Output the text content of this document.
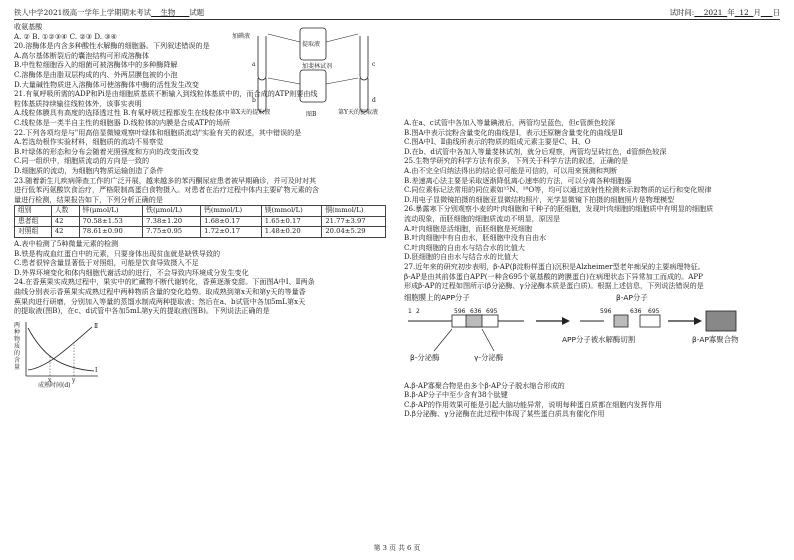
铁人中学2021级高一学年上学期期末考试 生物 试题	试时间: 2021 年 12 月 日

收氨基酸

A. ② B. ①②③④ C. ②③ D. ③④

20.溶酶体是内含多种酸性水解酶的细胞器。下列叙述错误的是

A.高尔基体断裂后的囊泡结构可形成溶酶体

B.中性粒细胞吞入的细菌可被溶酶体中的多种酶降解

C.溶酶体是由脂双层构成的内、外两层膜包被的小泡

D.大量碱性物质进入溶酶体可使溶酶体中酶的活性发生改变

21.有氧呼吸所需的ADP和Pi是由细胞质基质不断输入到线粒体基质中的，而合成的ATP则要由线

粒体基质持续输往线粒体外，该事实表明

A.线粒体膜具有高度的选择透过性 B.有氧呼吸过程都发生在线粒体中

C.线粒体是一类半自主性的细胞器 D.线粒体的内膜是合成ATP的场所

22.下列各项均是与"用高倍显微镜观察叶绿体和细胞质流动"实验有关的叙述，其中错误的是

A.若选幼根作实验材料，细胞质的流动不易察觉

B.叶绿体的形态和分布会随着光照强度和方向的改变而改变

C.同一组织中，细胞质流动的方向是一致的

D.细胞质的流动，为细胞内物质运输创造了条件

23.随着新生儿疾病筛查工作的广泛开展，越来越多的苯丙酮尿症患者被早期确诊，并可及时对其

进行低苯丙氨酸饮食治疗，严格限制高蛋白食物摄入。对患者在治疗过程中体内主要矿物元素的含

量进行检测，结果报告如下，下列分析正确的是

组别	人数	锌(μmol/L)	铁(μmol/L)	钙(mmol/L)	镁(mmol/L)	铜(mmol/L)
患者组	42	70.58±1.53	7.38±1.20	1.68±0.17	1.65±0.17	21.77±3.97
对照组	42	78.61±0.90	7.75±0.95	1.72±0.17	1.48±0.20	20.04±5.29

A.表中检测了5种微量元素的检测

B.铁是构成血红蛋白中的元素，只要身体出现贫血就是缺铁导致的

C.患者很锌含量显著低于对照组，可能是饮食导致摄入不足

D.外界环境变化和体内细胞代谢活动的进行，不会导致内环境成分发生变化

24.在香蕉果实成熟过程中，果实中的贮藏物不断代谢转化，香蕉逐渐变甜。下面图A中Ⅰ、Ⅱ两条

曲线分别表示香蕉果实成熟过程中两种物质含量的变化趋势。取成熟到第x天和第y天的等量香

蕉果肉进行研磨，分别加入等量的蒸馏水制成两种提取液；然后在a、b试管中各加5mL第x天

的提取液(图B)，在c、d试管中各加5mL第y天的提取液(图B)。下列说法正确的是

两种物质的含量
Ⅱ
Ⅰ
x	y
成熟时间(d)
加碘液
加斐林试剂
提取液
第X天的提取液	第Y天的提取液
a
b
c
d
图B

A.在a、c试管中各加入等量碘液后，两管均呈蓝色，但c管颜色较深

B.图A中表示淀粉含量变化的曲线是Ⅰ，表示还原糖含量变化的曲线是Ⅱ

C.图A中Ⅰ、Ⅱ曲线所表示的物质的组成元素主要是C、H、O

D.在b、d试管中各加入等量斐林试剂，就分后观察，两管均呈砖红色，d管颜色较深

25.生物学研究的科学方法有很多，下列关于科学方法的叙述，正确的是

A.由不完全归纳法得出的结论很可能是可信的，可以用来预测和判断

B.差速离心法主要是采取逐渐降低离心速率的方法，可以分离各种细胞器

C.同位素标记法常用的同位素如¹⁵N、¹⁸O等，均可以通过放射性检测来示踪物质的运行和变化规律

D.用电子显微镜拍摄的细胞亚显微结构照片，光学显微镜下拍摄的细胞照片是物理模型

26.暴露寒下分别观察小麦的叶肉细胞和干种子的胚细胞，发现叶肉细胞的细胞质中有明显的细胞质

流动现象，而胚细胞的细胞质流动不明显，原因是

A.叶肉细胞是活细胞，而胚细胞是死细胞

B.叶肉细胞中有自由水，胚细胞中没有自由水

C.叶肉细胞的自由水与结合水的比值大

D.胚细胞的自由水与结合水的比值大

27.近年来的研究初步表明，β-AP(β淀粉样蛋白)沉积是Alzheimer型老年痴呆的主要病理特征。

β-AP是由其前体蛋白APP(一种含695个氨基酸的跨膜蛋白)在病理状态下异常加工而成的。APP

形成β-AP的过程如图所示(β分泌酶、γ分泌酶本质是蛋白质)。根据上述信息，下列说法错误的是

细胞膜上的APP分子	β-AP分子
1 2	596 636 695	596	636 695
β-分泌酶	γ-分泌酶
APP分子被水解酶切割	β-AP寡聚合物

A.β-AP寡聚合物是由多个β-AP分子脱水缩合形成的

B.β-AP分子中至少含有38个肽键

C.β-AP的作用效果可能是引起大脑功能异常，说明每种蛋白质都在细胞内发挥作用

D.β分泌酶、γ分泌酶在此过程中体现了某些蛋白质具有催化作用

第 3 页 共 6 页
